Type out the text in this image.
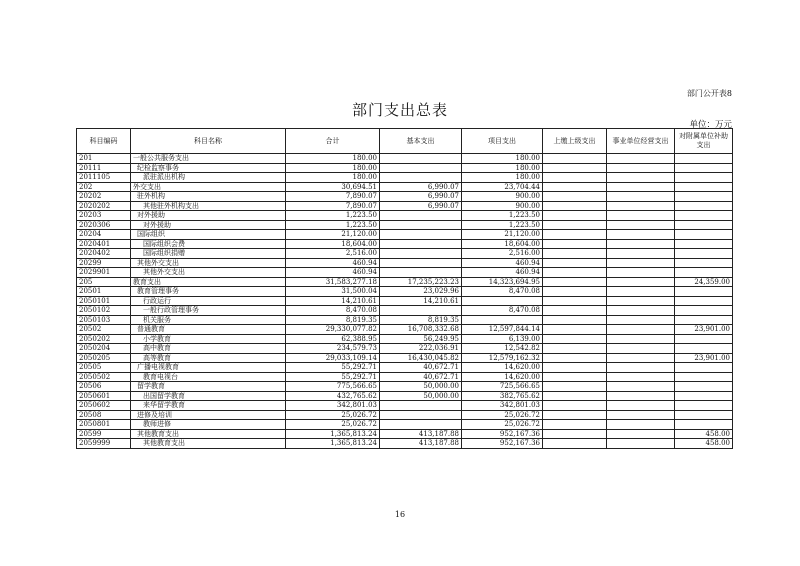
部门公开表8
部门支出总表
单位：万元
科目编码	科目名称	合计	基本支出	项目支出	上缴上级支出	事业单位经营支出	对附属单位补助支出
201	一般公共服务支出	180.00		180.00			
20111	纪检监察事务	180.00		180.00			
2011105	派驻派出机构	180.00		180.00			
202	外交支出	30,694.51	6,990.07	23,704.44			
20202	驻外机构	7,890.07	6,990.07	900.00			
2020202	其他驻外机构支出	7,890.07	6,990.07	900.00			
20203	对外援助	1,223.50		1,223.50			
2020306	对外援助	1,223.50		1,223.50			
20204	国际组织	21,120.00		21,120.00			
2020401	国际组织会费	18,604.00		18,604.00			
2020402	国际组织捐赠	2,516.00		2,516.00			
20299	其他外交支出	460.94		460.94			
2029901	其他外交支出	460.94		460.94			
205	教育支出	31,583,277.18	17,235,223.23	14,323,694.95			24,359.00
20501	教育管理事务	31,500.04	23,029.96	8,470.08			
2050101	行政运行	14,210.61	14,210.61				
2050102	一般行政管理事务	8,470.08		8,470.08			
2050103	机关服务	8,819.35	8,819.35				
20502	普通教育	29,330,077.82	16,708,332.68	12,597,844.14			23,901.00
2050202	小学教育	62,388.95	56,249.95	6,139.00			
2050204	高中教育	234,579.73	222,036.91	12,542.82			
2050205	高等教育	29,033,109.14	16,430,045.82	12,579,162.32			23,901.00
20505	广播电视教育	55,292.71	40,672.71	14,620.00			
2050502	教育电视台	55,292.71	40,672.71	14,620.00			
20506	留学教育	775,566.65	50,000.00	725,566.65			
2050601	出国留学教育	432,765.62	50,000.00	382,765.62			
2050602	来华留学教育	342,801.03		342,801.03			
20508	进修及培训	25,026.72		25,026.72			
2050801	教师进修	25,026.72		25,026.72			
20599	其他教育支出	1,365,813.24	413,187.88	952,167.36			458.00
2059999	其他教育支出	1,365,813.24	413,187.88	952,167.36			458.00
16
